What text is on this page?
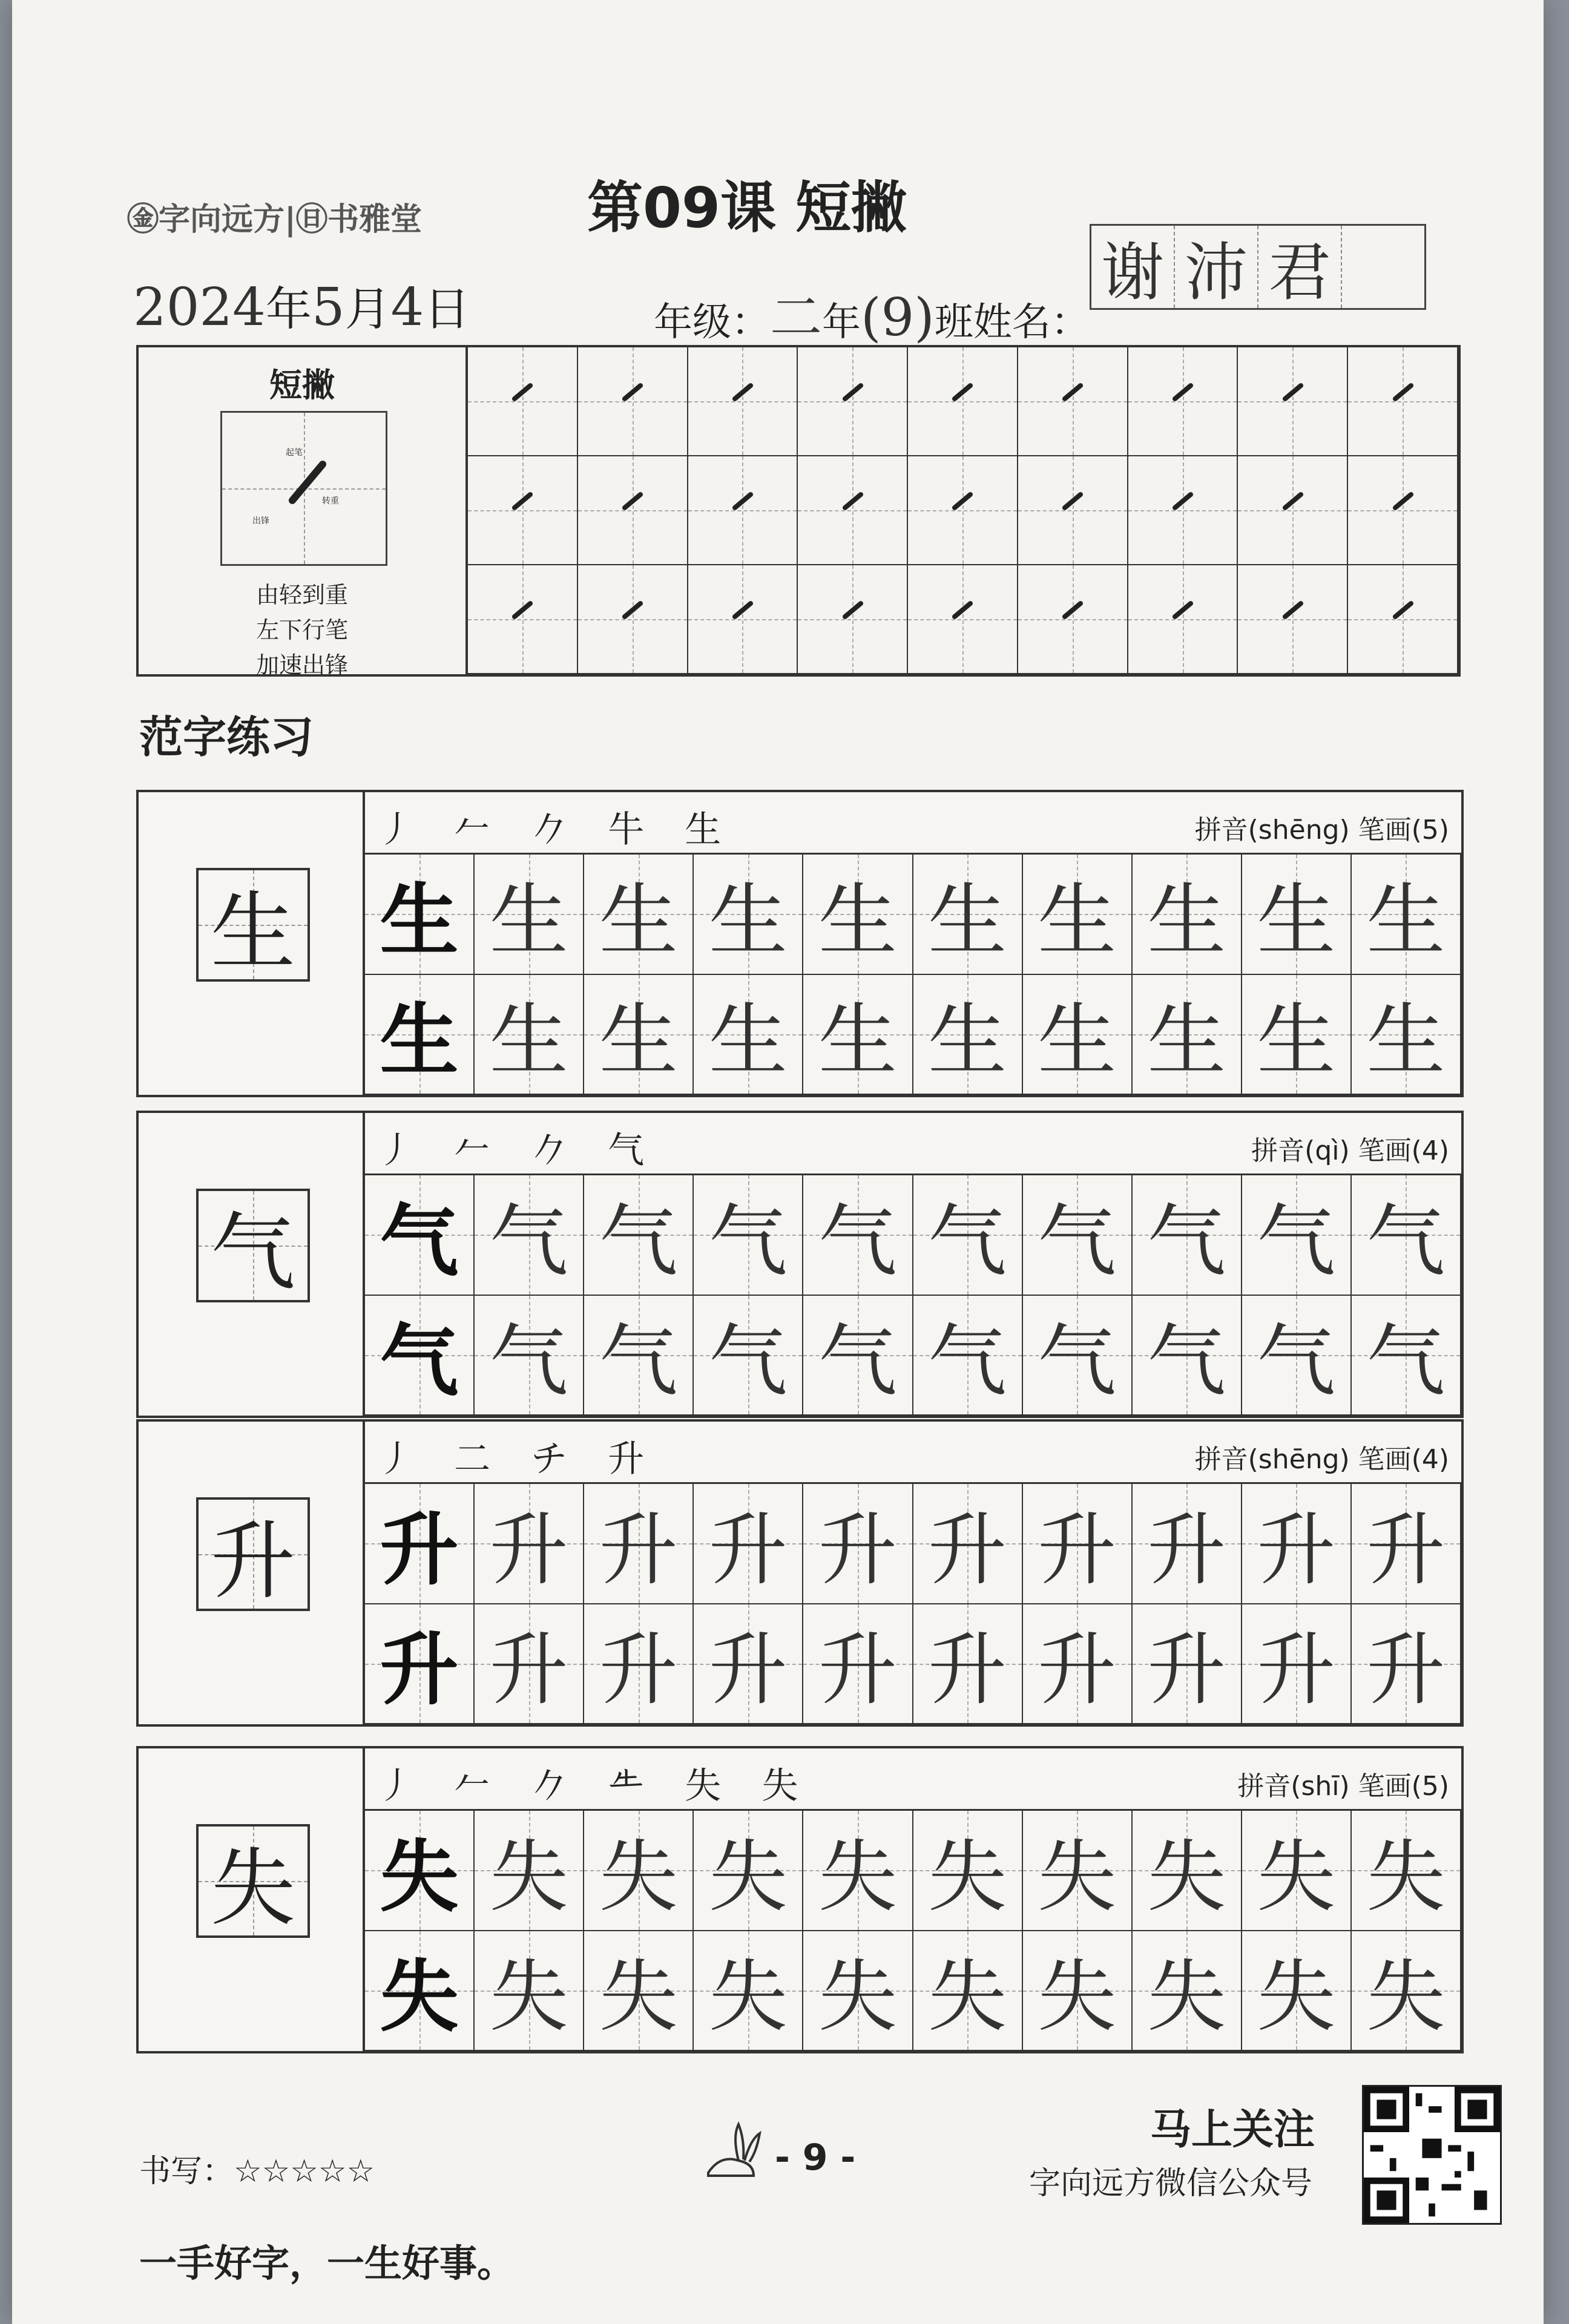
㊎字向远方|㊐书雅堂	第09课 短撇
2024年5月4日	年级：二年(9)班姓名：
谢 沛 君
短撇
起笔
出锋
转重
由轻到重
左下行笔
加速出锋
范字练习
生
丿 𠂉 𠂊 牛 生	拼音(shēng) 笔画(5)
生 生 生 生 生 生 生 生 生 生
生 生 生 生 生 生 生 生 生 生
气
丿 𠂉 𠂊 气	拼音(qì) 笔画(4)
气 气 气 气 气 气 气 气 气 气
气 气 气 气 气 气 气 气 气 气
升
丿 二 チ 升	拼音(shēng) 笔画(4)
升 升 升 升 升 升 升 升 升 升
升 升 升 升 升 升 升 升 升 升
失
丿 𠂉 𠂊 𠂒 失 失	拼音(shī) 笔画(5)
失 失 失 失 失 失 失 失 失 失
失 失 失 失 失 失 失 失 失 失
书写：☆☆☆☆☆	- 9 -
马上关注
字向远方微信公众号
一手好字，一生好事。
